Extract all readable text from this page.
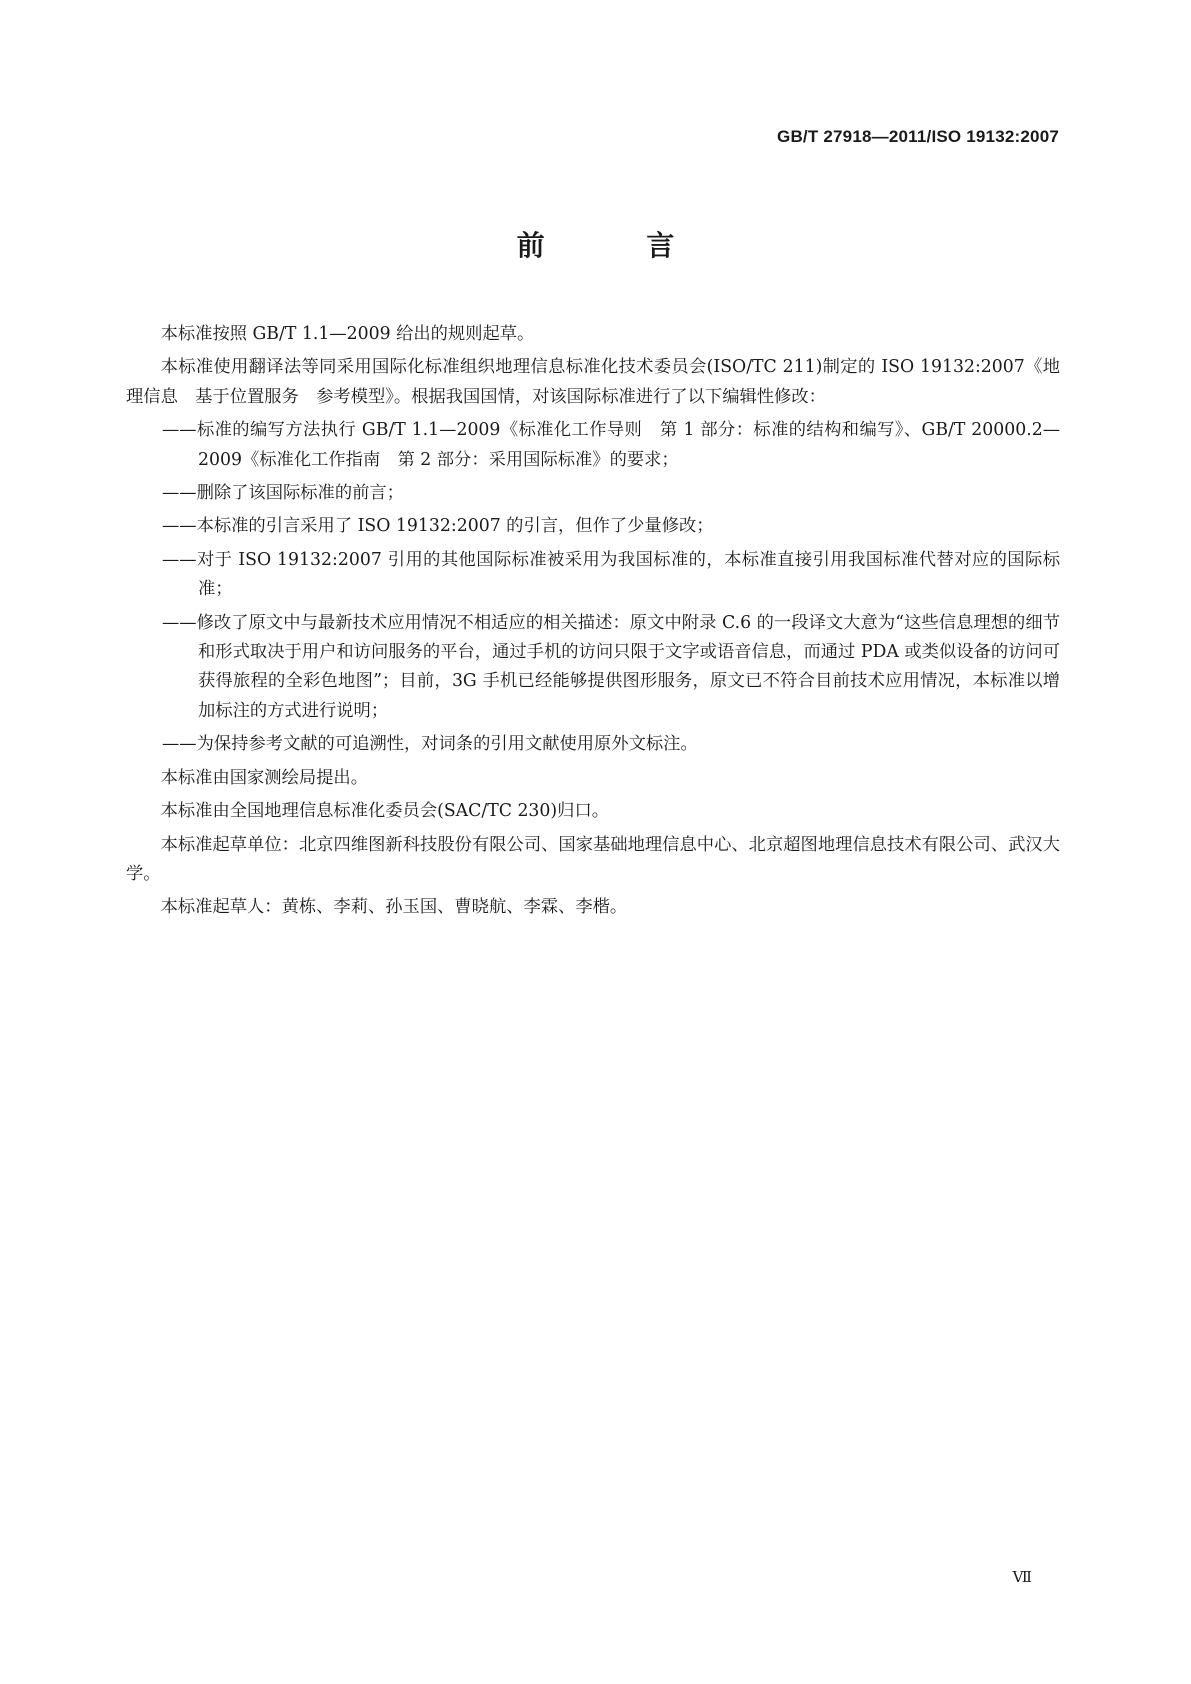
GB/T 27918—2011/ISO 19132:2007
前 言

本标准按照 GB/T 1.1—2009 给出的规则起草。

本标准使用翻译法等同采用国际化标准组织地理信息标准化技术委员会(ISO/TC 211)制定的 ISO 19132:2007《地理信息　基于位置服务　参考模型》。根据我国国情，对该国际标准进行了以下编辑性修改：

——标准的编写方法执行 GB/T 1.1—2009《标准化工作导则　第 1 部分：标准的结构和编写》、GB/T 20000.2—2009《标准化工作指南　第 2 部分：采用国际标准》的要求；

——删除了该国际标准的前言；

——本标准的引言采用了 ISO 19132:2007 的引言，但作了少量修改；

——对于 ISO 19132:2007 引用的其他国际标准被采用为我国标准的，本标准直接引用我国标准代替对应的国际标准；

——修改了原文中与最新技术应用情况不相适应的相关描述：原文中附录 C.6 的一段译文大意为“这些信息理想的细节和形式取决于用户和访问服务的平台，通过手机的访问只限于文字或语音信息，而通过 PDA 或类似设备的访问可获得旅程的全彩色地图”；目前，3G 手机已经能够提供图形服务，原文已不符合目前技术应用情况，本标准以增加标注的方式进行说明；

——为保持参考文献的可追溯性，对词条的引用文献使用原外文标注。

本标准由国家测绘局提出。

本标准由全国地理信息标准化委员会(SAC/TC 230)归口。

本标准起草单位：北京四维图新科技股份有限公司、国家基础地理信息中心、北京超图地理信息技术有限公司、武汉大学。

本标准起草人：黄栋、李莉、孙玉国、曹晓航、李霖、李楷。

Ⅶ
